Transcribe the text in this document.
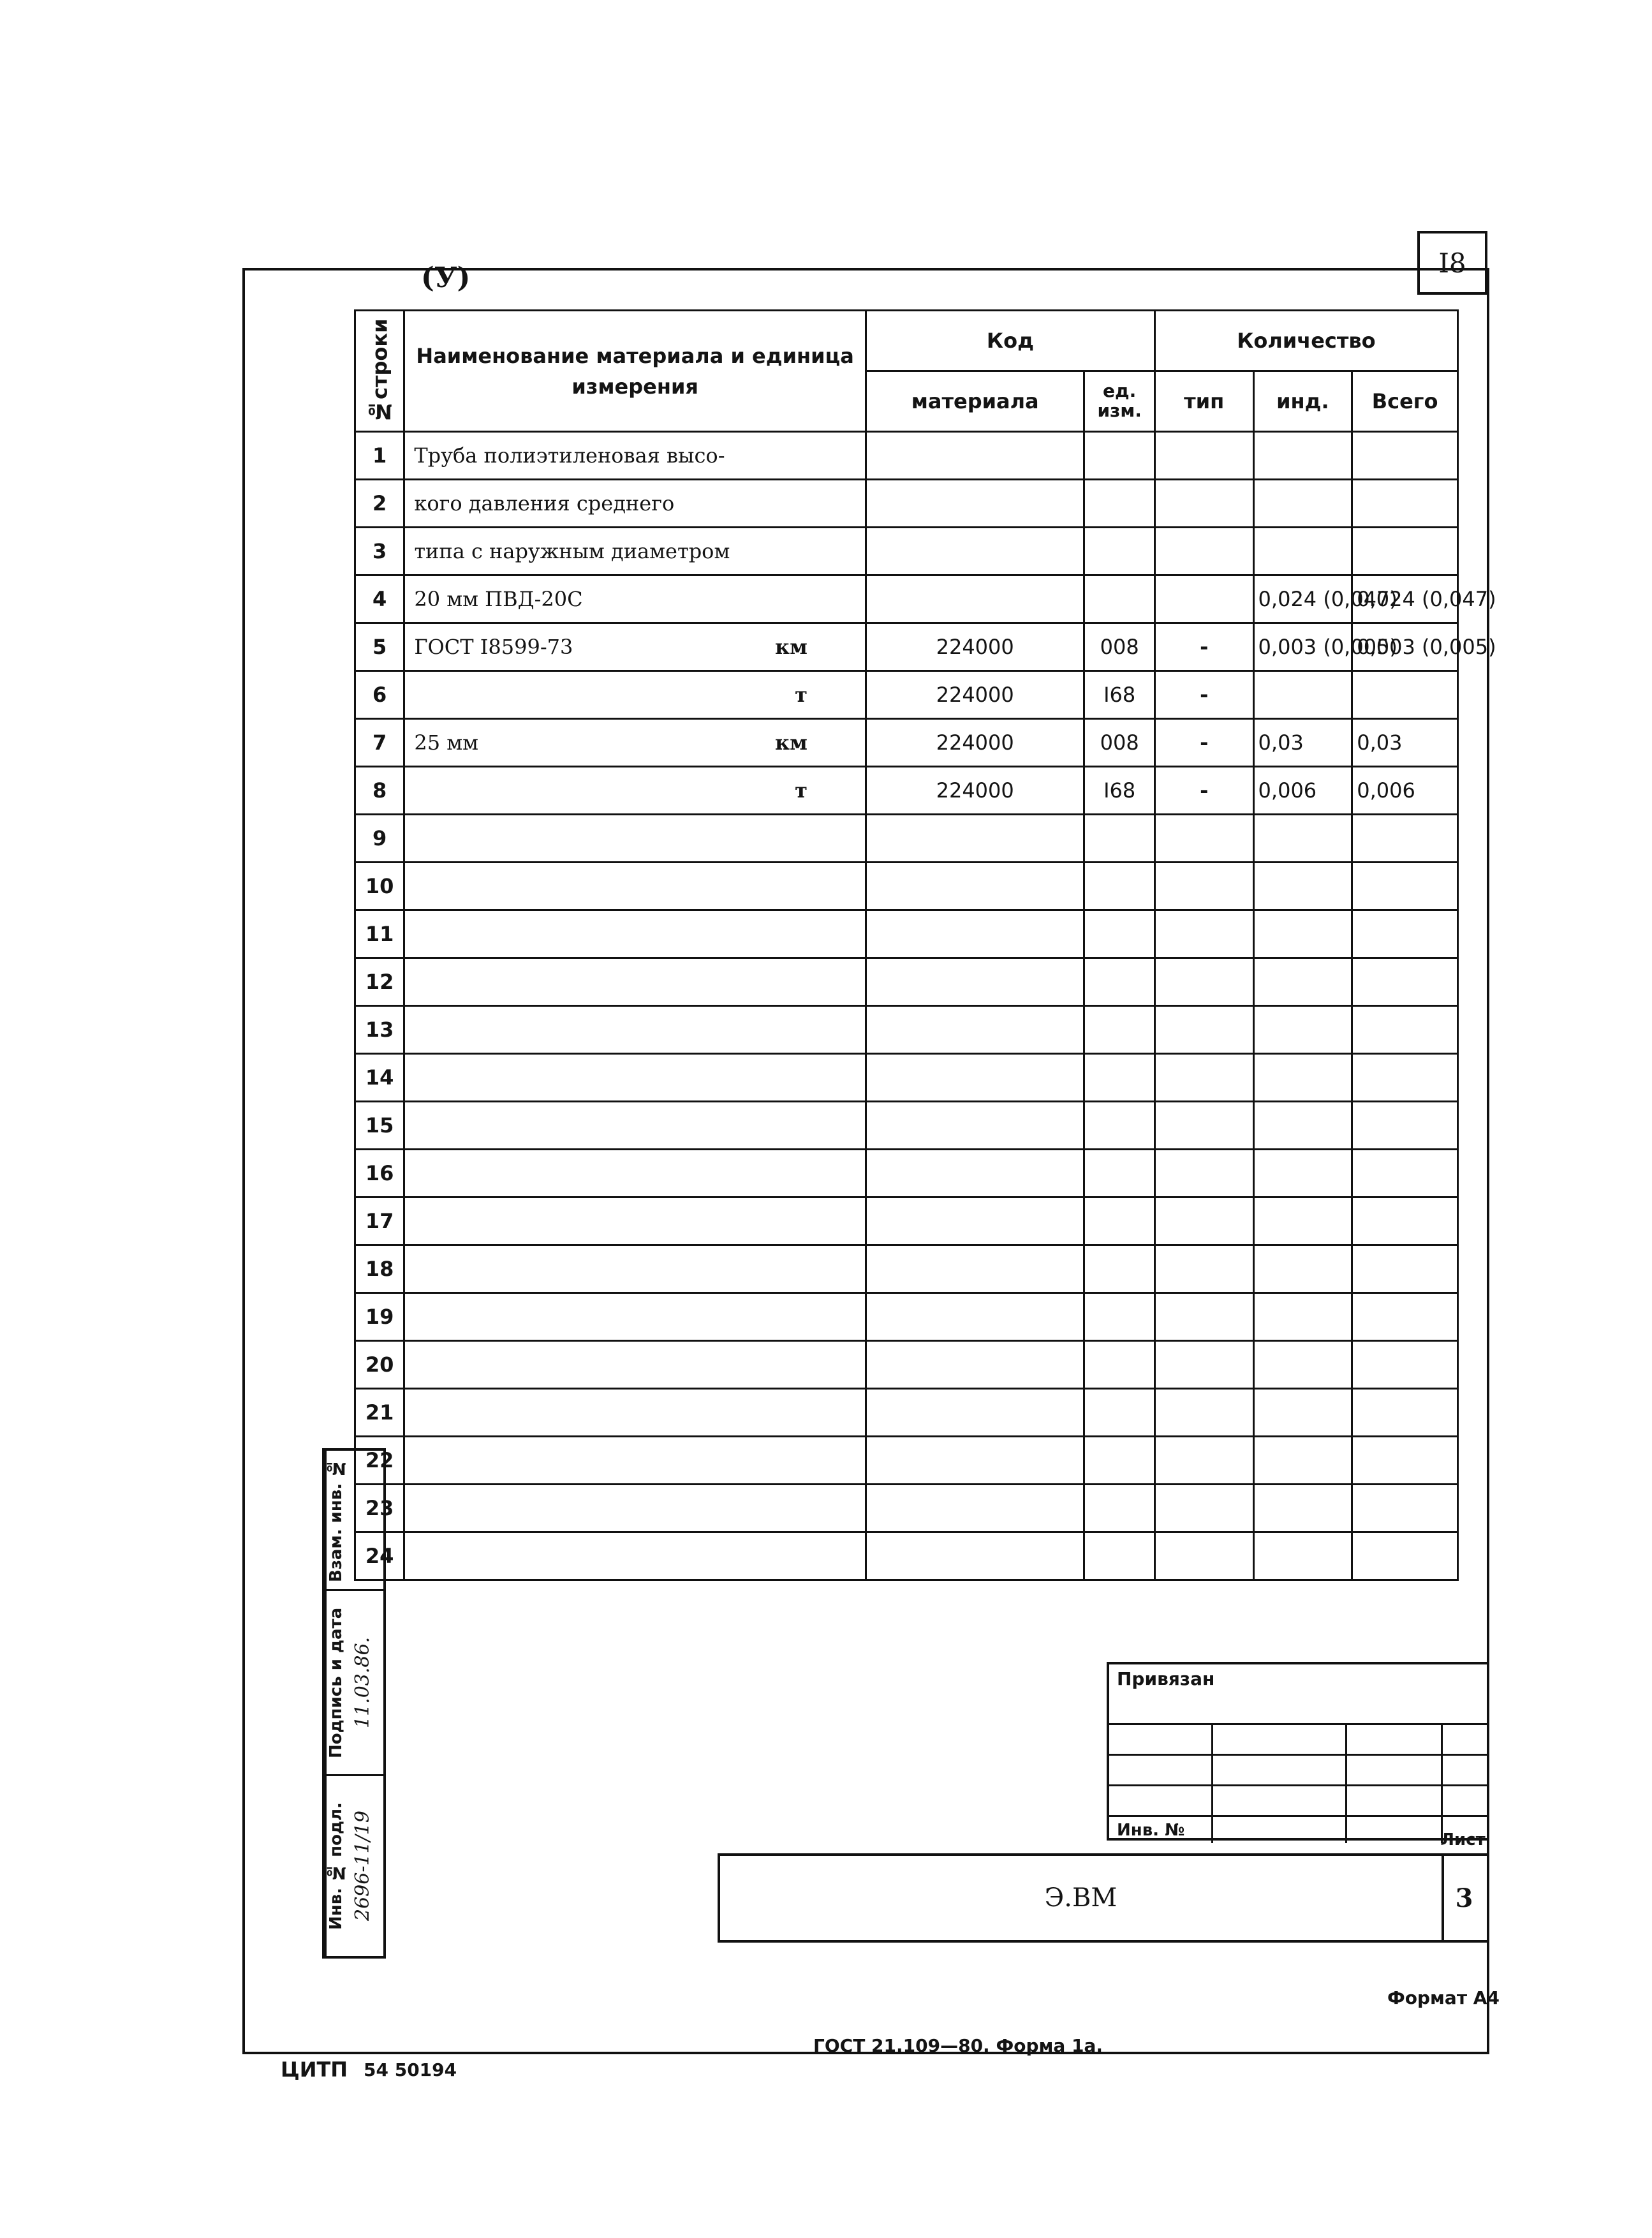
I8
(У)
№строки	Наименование материала и единица измерения	Код		Количество		
		материала	ед. изм.	тип	инд.	Всего
1	Труба полиэтиленовая высо-

2	кого давления среднего

3	типа с наружным диаметром

4	20 мм ПВД-20С				0,024 (0,047)	0,024 (0,047)
5	ГОСТ I8599-73 км	224000	008	-	0,003 (0,005)	0,003 (0,005)
6	т	224000	I68	-		
7	25 мм км	224000	008	-	0,03	0,03
8	т	224000	I68	-	0,006	0,006
9	

10	

11	

12	

13	

14	

15	

16	

17	

18	

19	

20	

21	

22	

23	

24	

Взам. инв. №
Подпись и дата 11.03.86.
Инв. № подл. 2696-11/19
Привязан
Инв. №
Э.ВМ
Лист
3
Формат А4
ГОСТ 21.109—80. Форма 1а.
ЦИТП 54 50194
